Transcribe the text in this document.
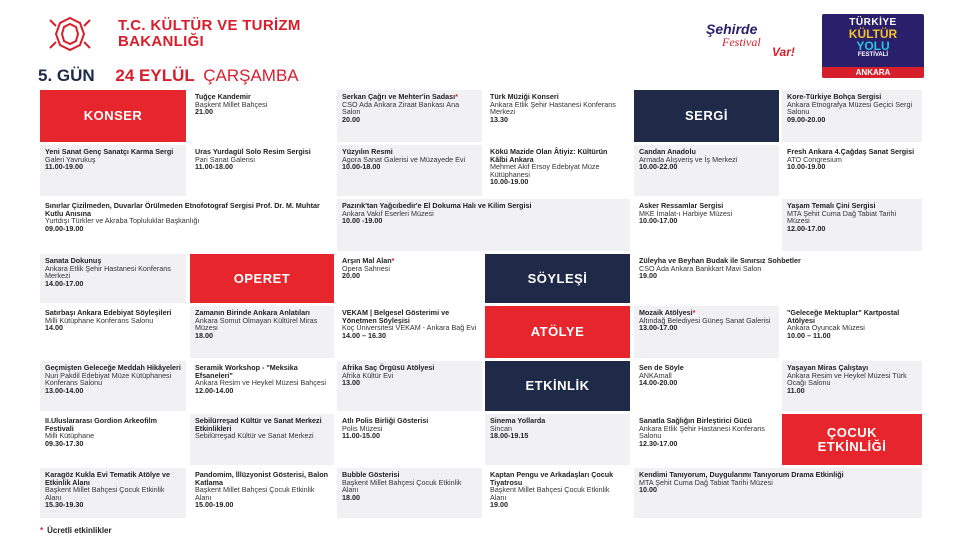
T.C. KÜLTÜR VE TURİZM
BAKANLIĞI
Şehirde
Festival
Var!
TÜRKİYE
KÜLTÜR
YOLU
FESTİVALİ
ANKARA
5. GÜN 24 EYLÜL ÇARŞAMBA
KONSER
Tuğçe Kandemir
Başkent Millet Bahçesi
21.00
Serkan Çağrı ve Mehter'in Sadası*
CSO Ada Ankara Ziraat Bankası Ana Salon
20.00
Türk Müziği Konseri
Ankara Etlik Şehir Hastanesi Konferans Merkezi
13.30	SERGİ
Kore-Türkiye Bohça Sergisi
Ankara Etnografya Müzesi Geçici Sergi Salonu
09.00-20.00
Yeni Sanat Genç Sanatçı Karma Sergi
Galeri Yavrukuş
11.00-19.00
Uras Yurdagül Solo Resim Sergisi
Pari Sanat Galerisi
11.00-18.00
Yüzyılın Resmi
Agora Sanat Galerisi ve Müzayede Evi
10.00-18.00
Kökü Mazide Olan Âtiyiz: Kültürün Kâlbi Ankara
Mehmet Akif Ersoy Edebiyat Müze Kütüphanesi
10.00-19.00
Candan Anadolu
Armada Alışveriş ve İş Merkezi
10.00-22.00
Fresh Ankara 4.Çağdaş Sanat Sergisi
ATO Congresium
10.00-19.00
Sınırlar Çizilmeden, Duvarlar Örülmeden Etnofotograf Sergisi Prof. Dr. M. Muhtar Kutlu Anısına
Yurtdışı Türkler ve Akraba Topluluklar Başkanlığı
09.00-19.00
Pazırık'tan Yağcıbedir'e El Dokuma Halı ve Kilim Sergisi
Ankara Vakıf Eserleri Müzesi
10.00 -19.00
Asker Ressamlar Sergisi
MKE İmalat-ı Harbiye Müzesi
10.00-17.00
Yaşam Temalı Çini Sergisi
MTA Şehit Cuma Dağ Tabiat Tarihi Müzesi
12.00-17.00
Sanata Dokunuş
Ankara Etlik Şehir Hastanesi Konferans Merkezi
14.00-17.00	OPERET
Arşın Mal Alan*
Opera Sahnesi
20.00	SÖYLEŞİ
Züleyha ve Beyhan Budak ile Sınırsız Sohbetler
CSO Ada Ankara Bankkart Mavi Salon
19.00
Satırbaşı Ankara Edebiyat Söyleşileri
Milli Kütüphane Konferans Salonu
14.00
Zamanın Birinde Ankara Anlatıları
Ankara Somut Olmayan Kültürel Miras Müzesi
18.00
VEKAM | Belgesel Gösterimi ve Yönetmen Söyleşisi
Koç Üniversitesi VEKAM - Ankara Bağ Evi
14.00 – 16.30	ATÖLYE
Mozaik Atölyesi*
Altındağ Belediyesi Güneş Sanat Galerisi
13.00-17.00
"Geleceğe Mektuplar" Kartpostal Atölyesi
Ankara Oyuncak Müzesi
10.00 – 11.00
Geçmişten Geleceğe Meddah Hikâyeleri
Nuri Pakdil Edebiyat Müze Kütüphanesi Konferans Salonu
13.00-14.00
Seramik Workshop - "Meksika Efsaneleri"
Ankara Resim ve Heykel Müzesi Bahçesi
12.00-14.00
Afrika Saç Örgüsü Atölyesi
Afrika Kültür Evi
13.00	ETKİNLİK
Sen de Söyle
ANKAmall
14.00-20.00
Yaşayan Miras Çalıştayı
Ankara Resim ve Heykel Müzesi Türk Ocağı Salonu
11.00
II.Uluslararası Gordion Arkeofilm Festivali
Milli Kütüphane
09.30-17.30
Sebilürreşad Kültür ve Sanat Merkezi Etkinlikleri
Sebilürreşad Kültür ve Sanat Merkezi
Atlı Polis Birliği Gösterisi
Polis Müzesi
11.00-15.00
Sinema Yollarda
Sincan
18.00-19.15
Sanatla Sağlığın Birleştirici Gücü
Ankara Etlik Şehir Hastanesi Konferans Salonu
12.30-17.00
ÇOCUK
ETKİNLİĞİ
Karagöz Kukla Evi Tematik Atölye ve Etkinlik Alanı
Başkent Millet Bahçesi Çocuk Etkinlik Alanı
15.30-19.30
Pandomim, İllüzyonist Gösterisi, Balon Katlama
Başkent Millet Bahçesi Çocuk Etkinlik Alanı
15.00-19.00
Bubble Gösterisi
Başkent Millet Bahçesi Çocuk Etkinlik Alanı
18.00
Kaptan Pengu ve Arkadaşları Çocuk Tiyatrosu
Başkent Millet Bahçesi Çocuk Etkinlik Alanı
19.00
Kendimi Tanıyorum, Duygularımı Tanıyorum Drama Etkinliği
MTA Şehit Cuma Dağ Tabiat Tarihi Müzesi
10.00
* Ücretli etkinlikler
